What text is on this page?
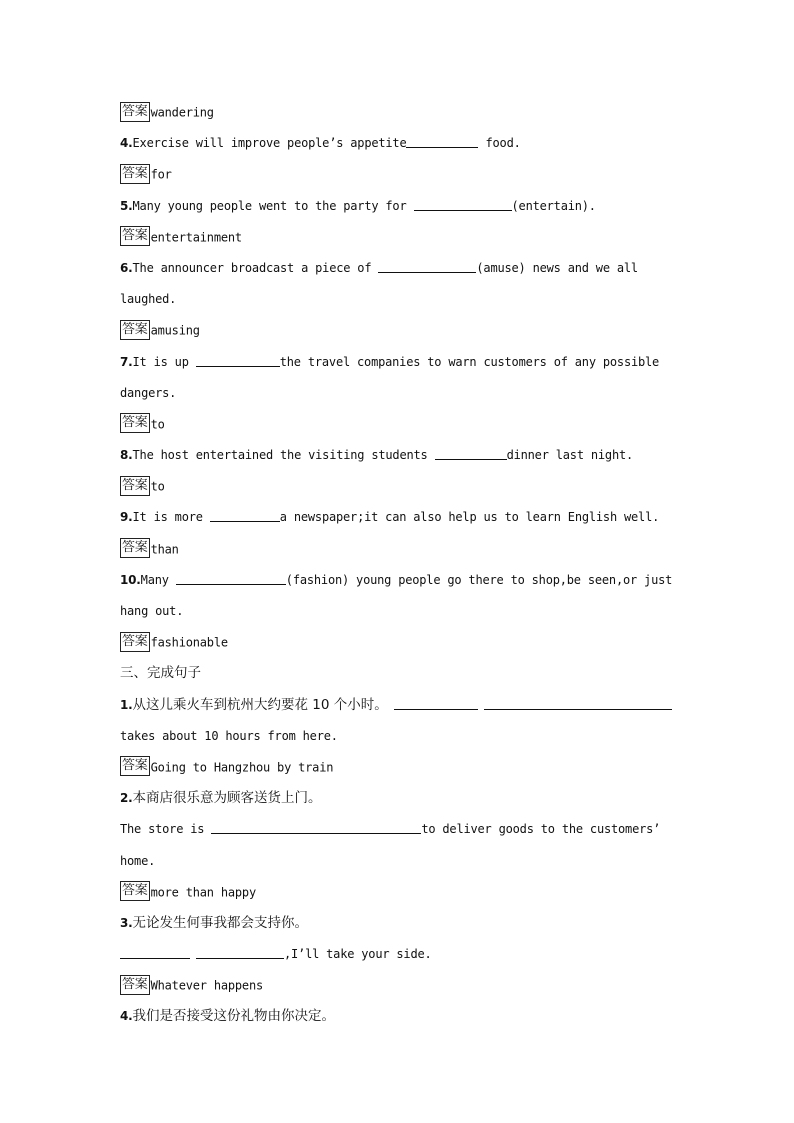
答案 wandering
4.Exercise will improve people’s appetite	food.
答案 for
5.Many young people went to the party for	(entertain).
答案 entertainment
6.The announcer broadcast a piece of	(amuse) news and we all
laughed.
答案 amusing
7.It is up	the travel companies to warn customers of any possible
dangers.
答案 to
8.The host entertained the visiting students	dinner last night.
答案 to
9.It is more	a newspaper;it can also help us to learn English well.
答案 than
10.Many	(fashion) young people go there to shop,be seen,or just
hang out.
答案 fashionable
三、完成句子
1.从这儿乘火车到杭州大约要花 10 个小时。
takes about 10 hours from here.
答案 Going to Hangzhou by train
2.本商店很乐意为顾客送货上门。
The store is	to deliver goods to the customers’
home.
答案 more than happy
3.无论发生何事我都会支持你。
,I’ll take your side.
答案 Whatever happens
4.我们是否接受这份礼物由你决定。
